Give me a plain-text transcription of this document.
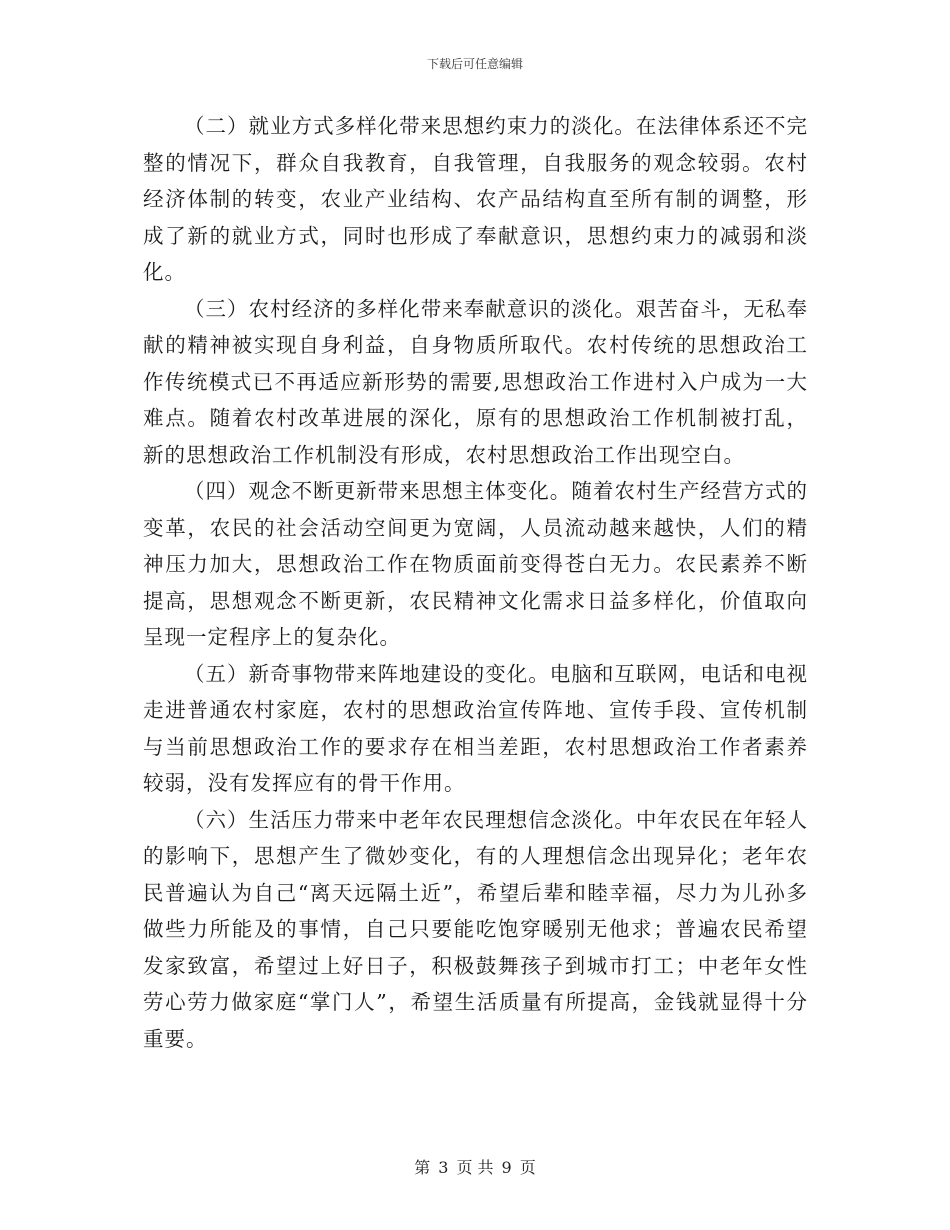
下载后可任意编辑

（二）就业方式多样化带来思想约束力的淡化。在法律体系还不完整的情况下，群众自我教育，自我管理，自我服务的观念较弱。农村经济体制的转变，农业产业结构、农产品结构直至所有制的调整，形成了新的就业方式，同时也形成了奉献意识，思想约束力的减弱和淡化。

（三）农村经济的多样化带来奉献意识的淡化。艰苦奋斗，无私奉献的精神被实现自身利益，自身物质所取代。农村传统的思想政治工作传统模式已不再适应新形势的需要,思想政治工作进村入户成为一大难点。随着农村改革进展的深化，原有的思想政治工作机制被打乱，新的思想政治工作机制没有形成，农村思想政治工作出现空白。

（四）观念不断更新带来思想主体变化。随着农村生产经营方式的变革，农民的社会活动空间更为宽阔，人员流动越来越快，人们的精神压力加大，思想政治工作在物质面前变得苍白无力。农民素养不断提高，思想观念不断更新，农民精神文化需求日益多样化，价值取向呈现一定程序上的复杂化。

（五）新奇事物带来阵地建设的变化。电脑和互联网，电话和电视走进普通农村家庭，农村的思想政治宣传阵地、宣传手段、宣传机制与当前思想政治工作的要求存在相当差距，农村思想政治工作者素养较弱，没有发挥应有的骨干作用。

（六）生活压力带来中老年农民理想信念淡化。中年农民在年轻人的影响下，思想产生了微妙变化，有的人理想信念出现异化；老年农民普遍认为自己“离天远隔土近”，希望后辈和睦幸福，尽力为儿孙多做些力所能及的事情，自己只要能吃饱穿暖别无他求；普遍农民希望发家致富，希望过上好日子，积极鼓舞孩子到城市打工；中老年女性劳心劳力做家庭“掌门人”，希望生活质量有所提高，金钱就显得十分重要。

第 3 页 共 9 页
